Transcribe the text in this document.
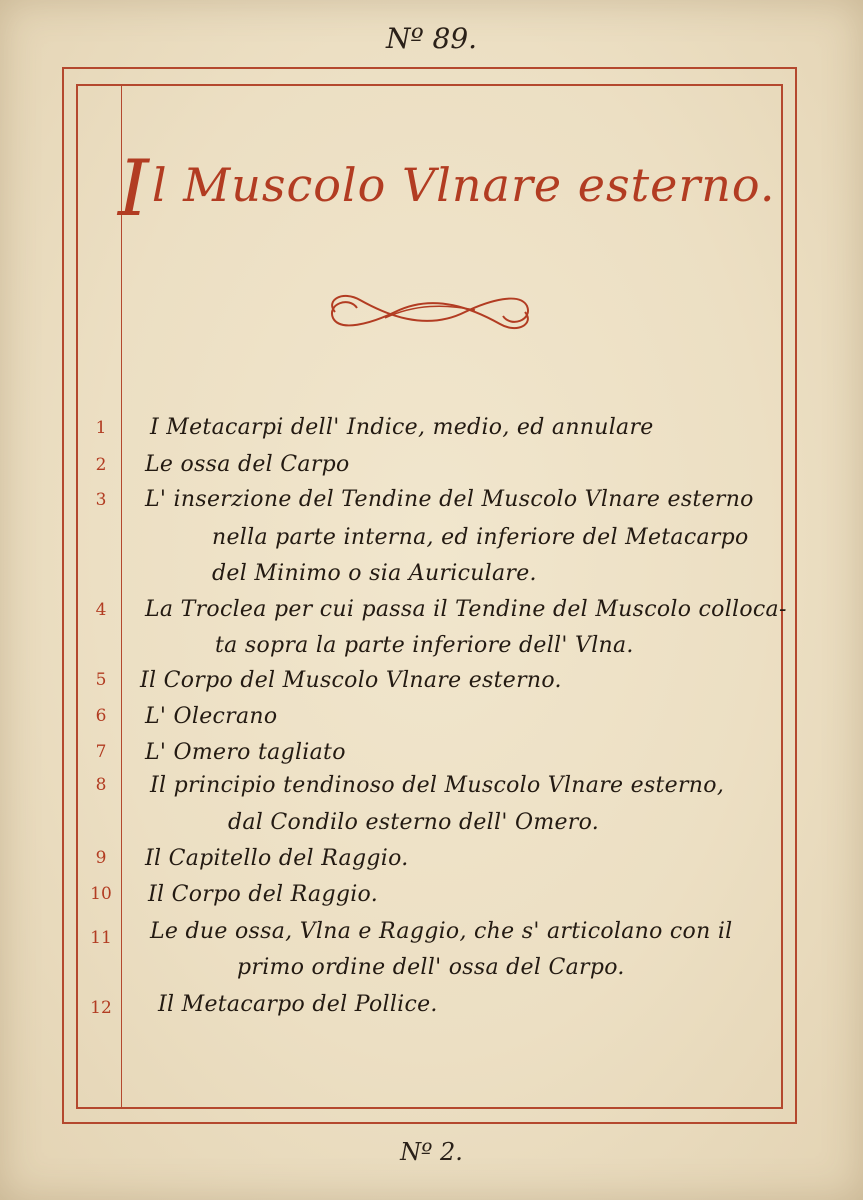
Nº 89.
Il Muscolo Vlnare esterno.
1	I Metacarpi dell' Indice, medio, ed annulare
2	Le ossa del Carpo
3	L' inserzione del Tendine del Muscolo Vlnare esterno
nella parte interna, ed inferiore del Metacarpo
del Minimo o sia Auriculare.
4	La Troclea per cui passa il Tendine del Muscolo colloca-
ta sopra la parte inferiore dell' Vlna.
5	Il Corpo del Muscolo Vlnare esterno.
6	L' Olecrano
7	L' Omero tagliato
8	Il principio tendinoso del Muscolo Vlnare esterno,
dal Condilo esterno dell' Omero.
9	Il Capitello del Raggio.
10 Il Corpo del Raggio.
11 Le due ossa, Vlna e Raggio, che s' articolano con il
primo ordine dell' ossa del Carpo.
12 Il Metacarpo del Pollice.
Nº 2.
